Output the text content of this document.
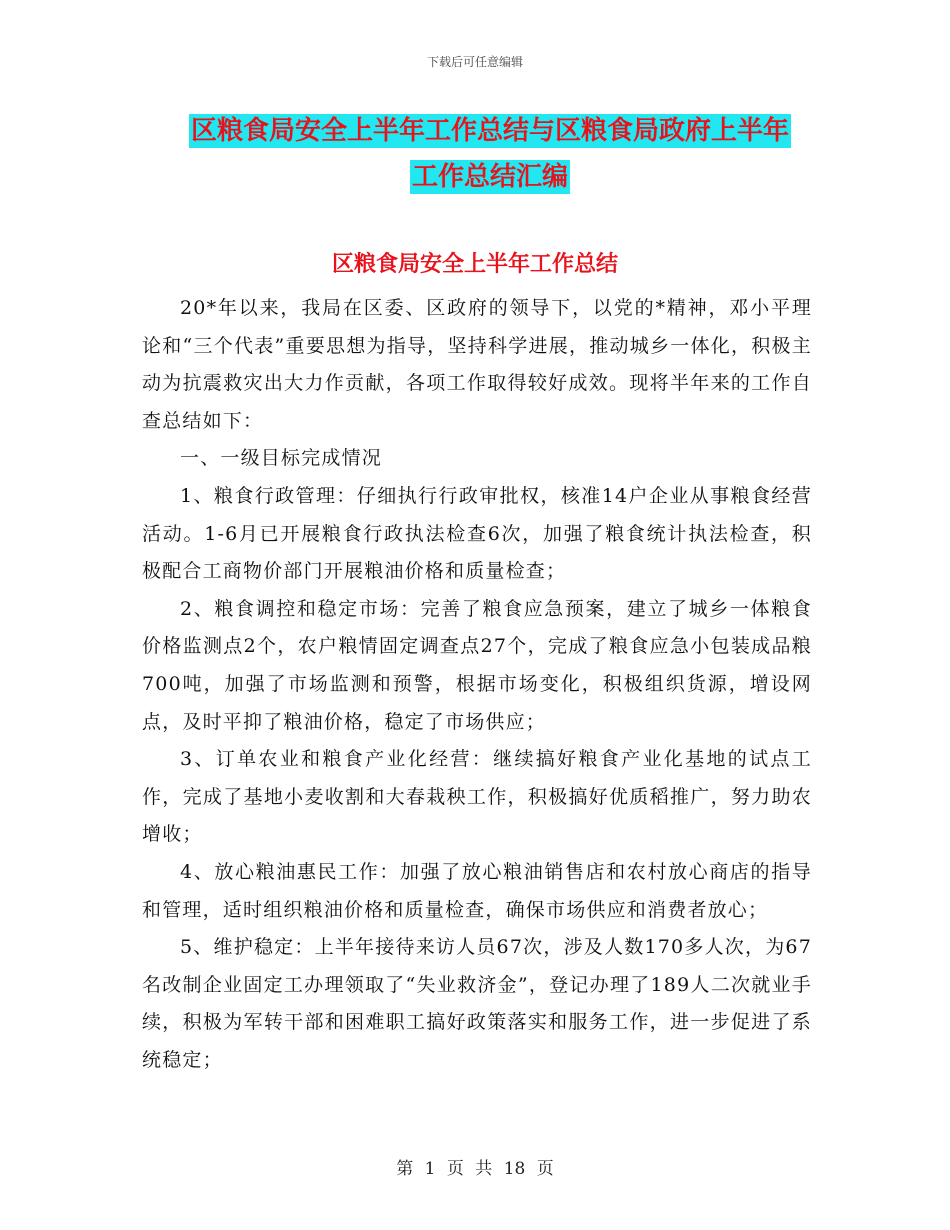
下载后可任意编辑
区粮食局安全上半年工作总结与区粮食局政府上半年
工作总结汇编
区粮食局安全上半年工作总结

20*年以来，我局在区委、区政府的领导下，以党的*精神，邓小平理论和“三个代表”重要思想为指导，坚持科学进展，推动城乡一体化，积极主动为抗震救灾出大力作贡献，各项工作取得较好成效。现将半年来的工作自查总结如下：

一、一级目标完成情况

1、粮食行政管理：仔细执行行政审批权，核准14户企业从事粮食经营活动。1-6月已开展粮食行政执法检查6次，加强了粮食统计执法检查，积极配合工商物价部门开展粮油价格和质量检查；

2、粮食调控和稳定市场：完善了粮食应急预案，建立了城乡一体粮食价格监测点2个，农户粮情固定调查点27个，完成了粮食应急小包装成品粮700吨，加强了市场监测和预警，根据市场变化，积极组织货源，增设网点，及时平抑了粮油价格，稳定了市场供应；

3、订单农业和粮食产业化经营：继续搞好粮食产业化基地的试点工作，完成了基地小麦收割和大春栽秧工作，积极搞好优质稻推广，努力助农增收；

4、放心粮油惠民工作：加强了放心粮油销售店和农村放心商店的指导和管理，适时组织粮油价格和质量检查，确保市场供应和消费者放心；

5、维护稳定：上半年接待来访人员67次，涉及人数170多人次，为67名改制企业固定工办理领取了“失业救济金”，登记办理了189人二次就业手续，积极为军转干部和困难职工搞好政策落实和服务工作，进一步促进了系统稳定；

第 1 页 共 18 页
